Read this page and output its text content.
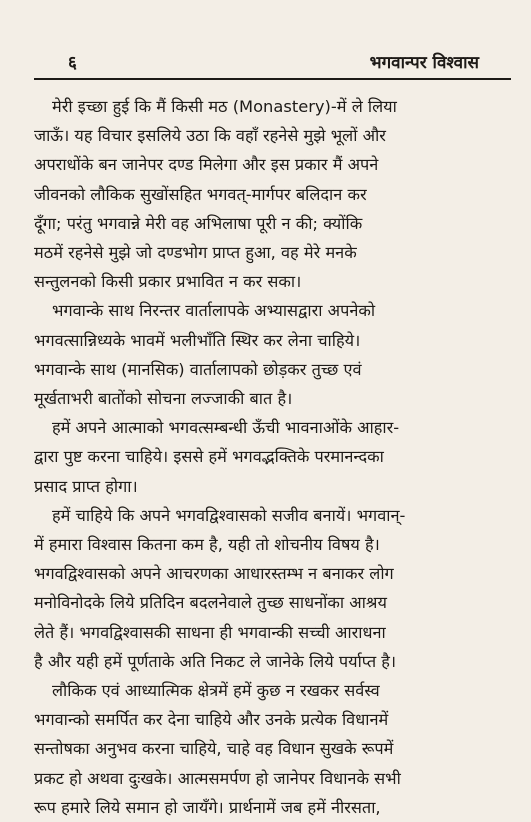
६	भगवान्पर विश्वास

मेरी इच्छा हुई कि मैं किसी मठ (Monastery)-में ले लिया
जाऊँ। यह विचार इसलिये उठा कि वहाँ रहनेसे मुझे भूलों और
अपराधोंके बन जानेपर दण्ड मिलेगा और इस प्रकार मैं अपने
जीवनको लौकिक सुखोंसहित भगवत्-मार्गपर बलिदान कर
दूँगा; परंतु भगवान्ने मेरी वह अभिलाषा पूरी न की; क्योंकि
मठमें रहनेसे मुझे जो दण्डभोग प्राप्त हुआ, वह मेरे मनके
सन्तुलनको किसी प्रकार प्रभावित न कर सका।

भगवान्के साथ निरन्तर वार्तालापके अभ्यासद्वारा अपनेको
भगवत्सान्निध्यके भावमें भलीभाँति स्थिर कर लेना चाहिये।
भगवान्के साथ (मानसिक) वार्तालापको छोड़कर तुच्छ एवं
मूर्खताभरी बातोंको सोचना लज्जाकी बात है।

हमें अपने आत्माको भगवत्सम्बन्धी ऊँची भावनाओंके आहार-
द्वारा पुष्ट करना चाहिये। इससे हमें भगवद्भक्तिके परमानन्दका
प्रसाद प्राप्त होगा।

हमें चाहिये कि अपने भगवद्विश्वासको सजीव बनायें। भगवान्-
में हमारा विश्वास कितना कम है, यही तो शोचनीय विषय है।
भगवद्विश्वासको अपने आचरणका आधारस्तम्भ न बनाकर लोग
मनोविनोदके लिये प्रतिदिन बदलनेवाले तुच्छ साधनोंका आश्रय
लेते हैं। भगवद्विश्वासकी साधना ही भगवान्की सच्ची आराधना
है और यही हमें पूर्णताके अति निकट ले जानेके लिये पर्याप्त है।

लौकिक एवं आध्यात्मिक क्षेत्रमें हमें कुछ न रखकर सर्वस्व
भगवान्को समर्पित कर देना चाहिये और उनके प्रत्येक विधानमें
सन्तोषका अनुभव करना चाहिये, चाहे वह विधान सुखके रूपमें
प्रकट हो अथवा दुःखके। आत्मसमर्पण हो जानेपर विधानके सभी
रूप हमारे लिये समान हो जायँगे। प्रार्थनामें जब हमें नीरसता,
